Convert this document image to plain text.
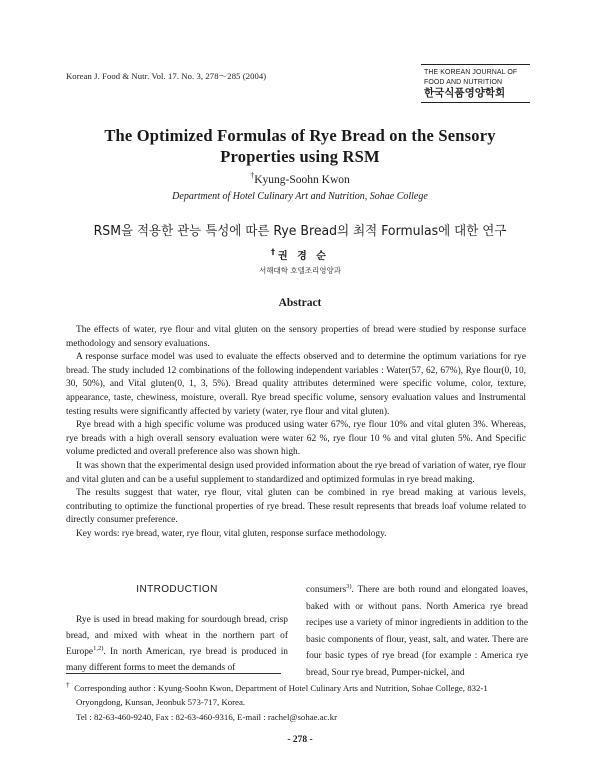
Korean J. Food & Nutr. Vol. 17. No. 3, 278～285 (2004)	THE KOREAN JOURNAL OF
FOOD AND NUTRITION
한국식품영양학회
The Optimized Formulas of Rye Bread on the Sensory
Properties using RSM
†Kyung-Soohn Kwon
Department of Hotel Culinary Art and Nutrition, Sohae College
RSM을 적용한 관능 특성에 따른 Rye Bread의 최적 Formulas에 대한 연구
†권 경 순
서해대학 호텔조리영양과
Abstract

The effects of water, rye flour and vital gluten on the sensory properties of bread were studied by response surface methodology and sensory evaluations.

A response surface model was used to evaluate the effects observed and to determine the optimum variations for rye bread. The study included 12 combinations of the following independent variables : Water(57, 62, 67%), Rye flour(0, 10, 30, 50%), and Vital gluten(0, 1, 3, 5%). Bread quality attributes determined were specific volume, color, texture, appearance, taste, chewiness, moisture, overall. Rye bread specific volume, sensory evaluation values and Instrumental testing results were significantly affected by variety (water, rye flour and vital gluten).

Rye bread with a high specific volume was produced using water 67%, rye flour 10% and vital gluten 3%. Whereas, rye breads with a high overall sensory evaluation were water 62 %, rye flour 10 % and vital gluten 5%. And Specific volume predicted and overall preference also was shown high.

It was shown that the experimental design used provided information about the rye bread of variation of water, rye flour and vital gluten and can be a useful supplement to standardized and optimized formulas in rye bread making.

The results suggest that water, rye flour, vital gluten can be combined in rye bread making at various levels, contributing to optimize the functional properties of rye bread. These result represents that breads loaf volume related to directly consumer preference.

Key words: rye bread, water, rye flour, vital gluten, response surface methodology.

INTRODUCTION

Rye is used in bread making for sourdough bread, crisp bread, and mixed with wheat in the northern part of Europe$^{1,2)}$. In north American, rye bread is produced in many different forms to meet the demands of

consumers$^{3)}$. There are both round and elongated loaves, baked with or without pans. North America rye bread recipes use a variety of minor ingredients in addition to the basic components of flour, yeast, salt, and water. There are four basic types of rye bread (for example : America rye bread, Sour rye bread, Pumper-nickel, and

† Corresponding author : Kyung-Soohn Kwon, Department of Hotel Culinary Arts and Nutrition, Sohae College, 832-1
Oryongdong, Kunsan, Jeonbuk 573-717, Korea.
Tel : 82-63-460-9240, Fax : 82-63-460-9316, E-mail : rachel@sohae.ac.kr
- 278 -
